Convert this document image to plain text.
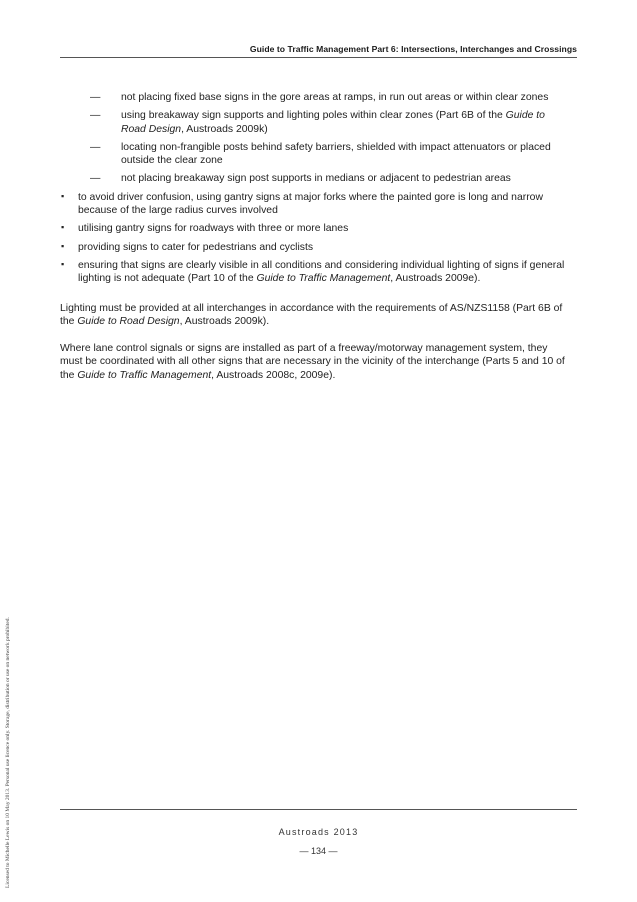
Guide to Traffic Management Part 6: Intersections, Interchanges and Crossings
— not placing fixed base signs in the gore areas at ramps, in run out areas or within clear zones
— using breakaway sign supports and lighting poles within clear zones (Part 6B of the Guide to Road Design, Austroads 2009k)
— locating non-frangible posts behind safety barriers, shielded with impact attenuators or placed outside the clear zone
— not placing breakaway sign post supports in medians or adjacent to pedestrian areas
▪ to avoid driver confusion, using gantry signs at major forks where the painted gore is long and narrow because of the large radius curves involved
▪ utilising gantry signs for roadways with three or more lanes
▪ providing signs to cater for pedestrians and cyclists
▪ ensuring that signs are clearly visible in all conditions and considering individual lighting of signs if general lighting is not adequate (Part 10 of the Guide to Traffic Management, Austroads 2009e).

Lighting must be provided at all interchanges in accordance with the requirements of AS/NZS1158 (Part 6B of the Guide to Road Design, Austroads 2009k).

Where lane control signals or signs are installed as part of a freeway/motorway management system, they must be coordinated with all other signs that are necessary in the vicinity of the interchange (Parts 5 and 10 of the Guide to Traffic Management, Austroads 2008c, 2009e).

Austroads 2013
— 134 —
Licensed to Michelle Lewis on 10 May 2013. Personal use licence only. Storage, distribution or use on network prohibited.
